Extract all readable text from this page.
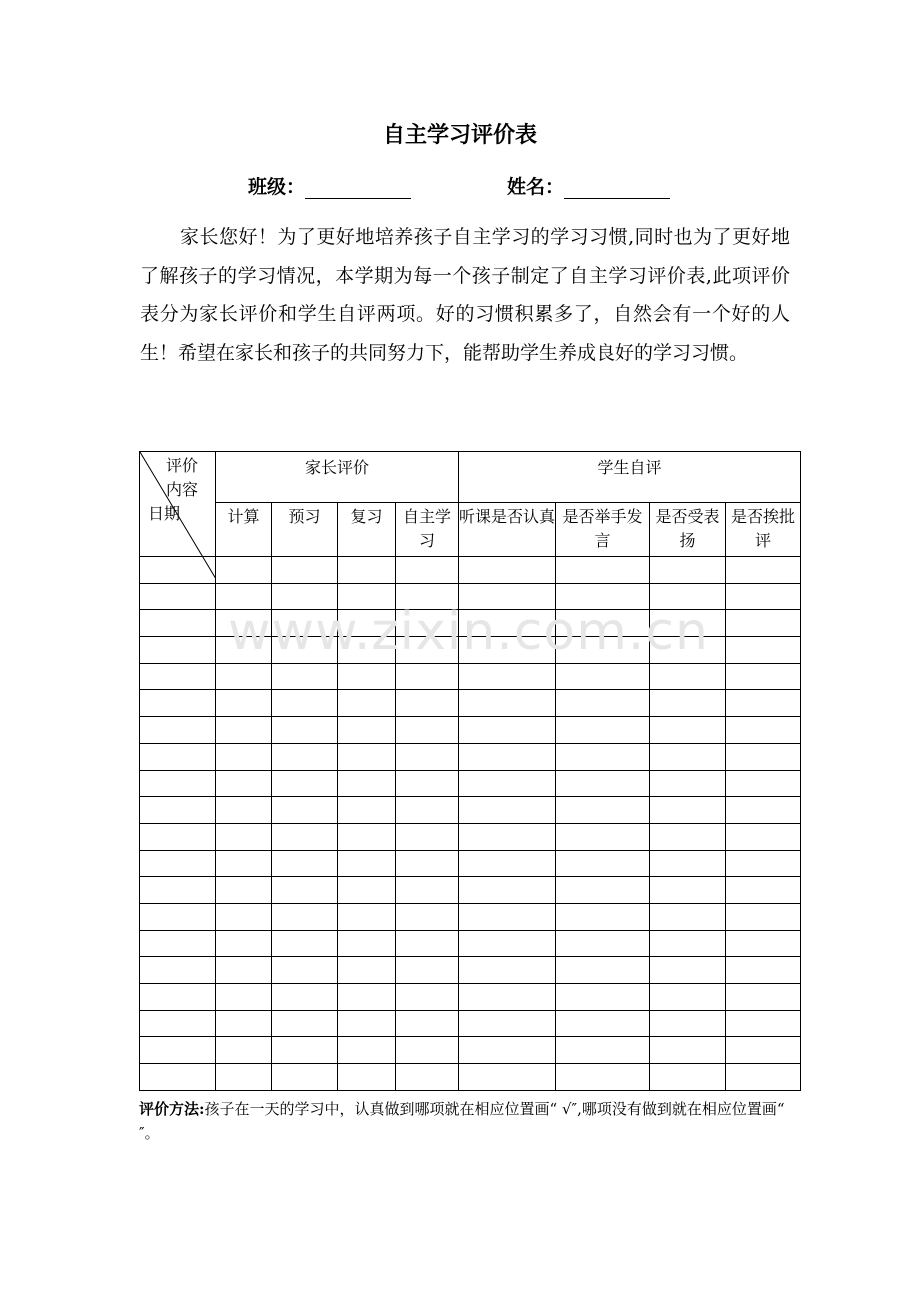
自主学习评价表
班级：	姓名：
家长您好！为了更好地培养孩子自主学习的学习习惯,同时也为了更好地了解孩子的学习情况，本学期为每一个孩子制定了自主学习评价表,此项评价表分为家长评价和学生自评两项。好的习惯积累多了，自然会有一个好的人生！希望在家长和孩子的共同努力下，能帮助学生养成良好的学习习惯。
评价
内容
日期	家长评价				学生自评			
	计算	预习	复习	自主学习	听课是否认真	是否举手发言	是否受表扬	是否挨批评

www.zixin.com.cn
评价方法:孩子在一天的学习中，认真做到哪项就在相应位置画“ √″,哪项没有做到就在相应位置画“ ″。
